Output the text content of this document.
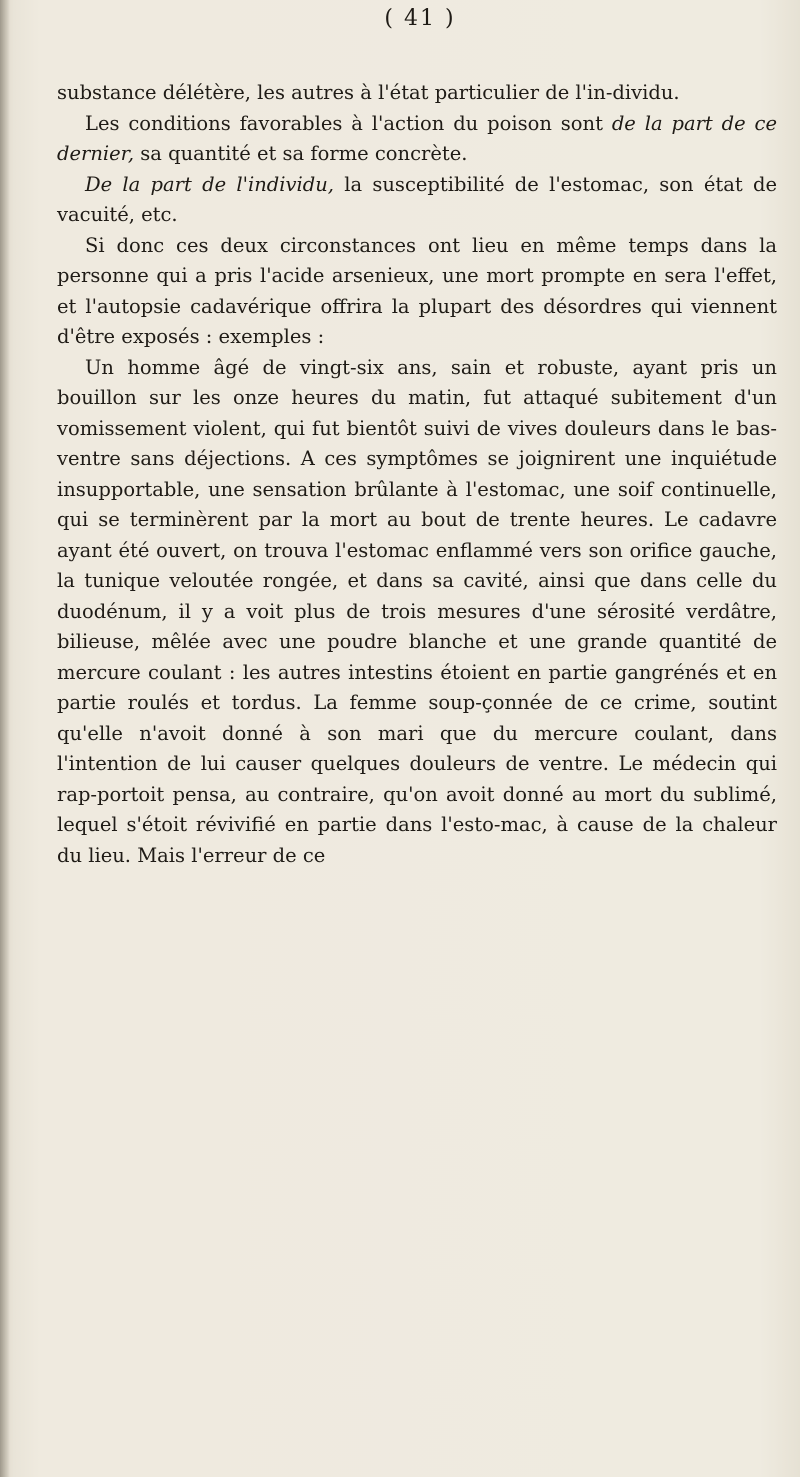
( 41 )

substance délétère, les autres à l'état particulier de l'in-dividu.

Les conditions favorables à l'action du poison sont de la part de ce dernier, sa quantité et sa forme concrète.

De la part de l'individu, la susceptibilité de l'estomac, son état de vacuité, etc.

Si donc ces deux circonstances ont lieu en même temps dans la personne qui a pris l'acide arsenieux, une mort prompte en sera l'effet, et l'autopsie cadavérique offrira la plupart des désordres qui viennent d'être exposés : exemples :

Un homme âgé de vingt-six ans, sain et robuste, ayant pris un bouillon sur les onze heures du matin, fut attaqué subitement d'un vomissement violent, qui fut bientôt suivi de vives douleurs dans le bas-ventre sans déjections. A ces symptômes se joignirent une inquiétude insupportable, une sensation brûlante à l'estomac, une soif continuelle, qui se terminèrent par la mort au bout de trente heures. Le cadavre ayant été ouvert, on trouva l'estomac enflammé vers son orifice gauche, la tunique veloutée rongée, et dans sa cavité, ainsi que dans celle du duodénum, il y a voit plus de trois mesures d'une sérosité verdâtre, bilieuse, mêlée avec une poudre blanche et une grande quantité de mercure coulant : les autres intestins étoient en partie gangrénés et en partie roulés et tordus. La femme soup-çonnée de ce crime, soutint qu'elle n'avoit donné à son mari que du mercure coulant, dans l'intention de lui causer quelques douleurs de ventre. Le médecin qui rap-portoit pensa, au contraire, qu'on avoit donné au mort du sublimé, lequel s'étoit révivifié en partie dans l'esto-mac, à cause de la chaleur du lieu. Mais l'erreur de ce
